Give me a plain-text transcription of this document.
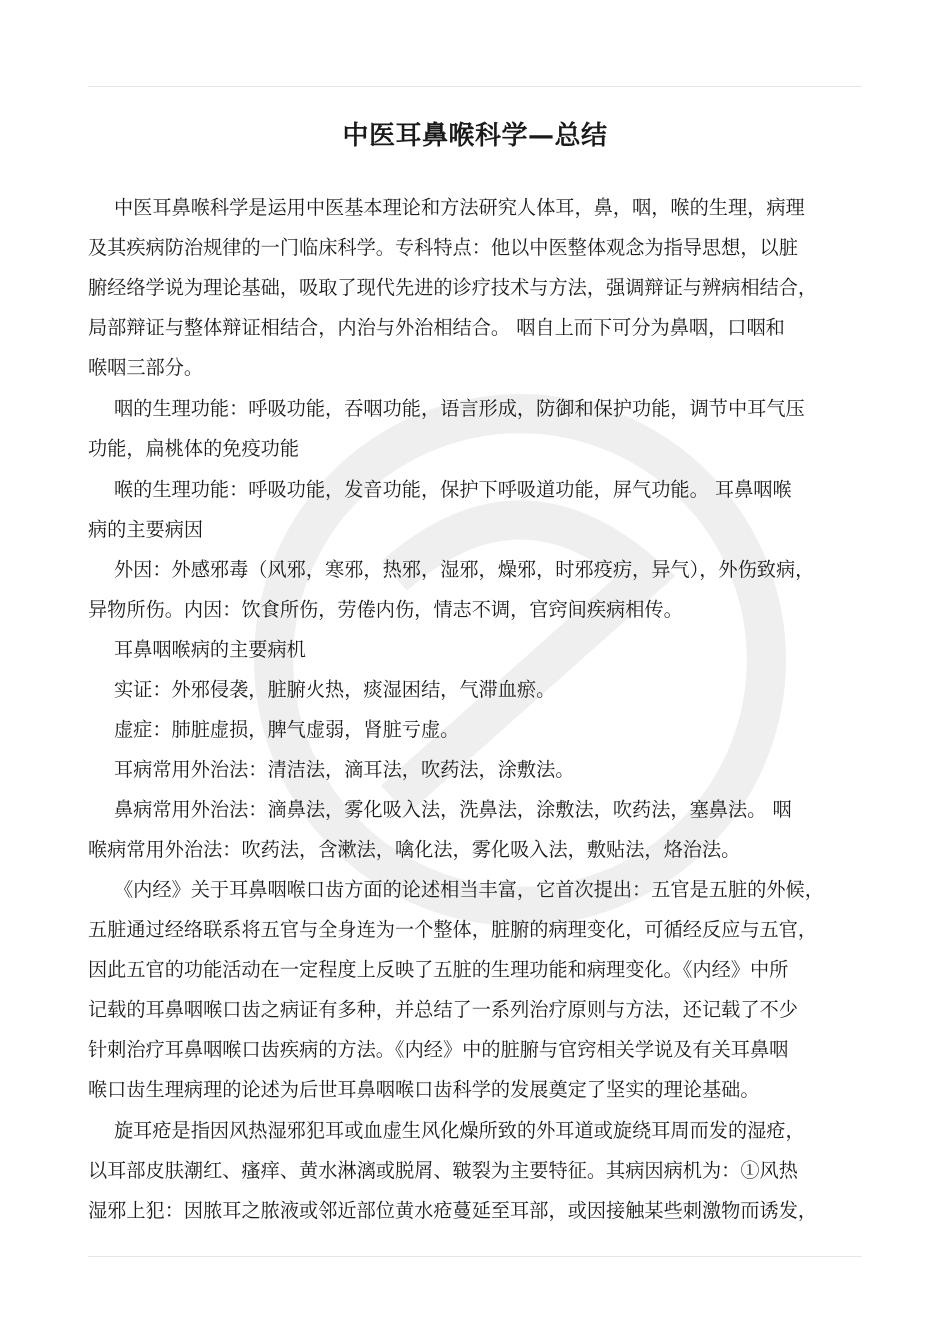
中医耳鼻喉科学—总结
中医耳鼻喉科学是运用中医基本理论和方法研究人体耳，鼻，咽，喉的生理，病理
及其疾病防治规律的一门临床科学。专科特点：他以中医整体观念为指导思想，以脏
腑经络学说为理论基础，吸取了现代先进的诊疗技术与方法，强调辩证与辨病相结合，
局部辩证与整体辩证相结合，内治与外治相结合。 咽自上而下可分为鼻咽，口咽和
喉咽三部分。
咽的生理功能：呼吸功能，吞咽功能，语言形成，防御和保护功能，调节中耳气压
功能，扁桃体的免疫功能
喉的生理功能：呼吸功能，发音功能，保护下呼吸道功能，屏气功能。 耳鼻咽喉
病的主要病因
外因：外感邪毒（风邪，寒邪，热邪，湿邪，燥邪，时邪疫疠，异气），外伤致病，
异物所伤。内因：饮食所伤，劳倦内伤，情志不调，官窍间疾病相传。
耳鼻咽喉病的主要病机
实证：外邪侵袭，脏腑火热，痰湿困结，气滞血瘀。
虚症：肺脏虚损，脾气虚弱，肾脏亏虚。
耳病常用外治法：清洁法，滴耳法，吹药法，涂敷法。
鼻病常用外治法：滴鼻法，雾化吸入法，洗鼻法，涂敷法，吹药法，塞鼻法。 咽
喉病常用外治法：吹药法，含漱法，噙化法，雾化吸入法，敷贴法，烙治法。
《内经》关于耳鼻咽喉口齿方面的论述相当丰富，它首次提出：五官是五脏的外候，
五脏通过经络联系将五官与全身连为一个整体，脏腑的病理变化，可循经反应与五官，
因此五官的功能活动在一定程度上反映了五脏的生理功能和病理变化。《内经》中所
记载的耳鼻咽喉口齿之病证有多种，并总结了一系列治疗原则与方法，还记载了不少
针刺治疗耳鼻咽喉口齿疾病的方法。《内经》中的脏腑与官窍相关学说及有关耳鼻咽
喉口齿生理病理的论述为后世耳鼻咽喉口齿科学的发展奠定了坚实的理论基础。
旋耳疮是指因风热湿邪犯耳或血虚生风化燥所致的外耳道或旋绕耳周而发的湿疮，
以耳部皮肤潮红、瘙痒、黄水淋漓或脱屑、皲裂为主要特征。其病因病机为：①风热
湿邪上犯：因脓耳之脓液或邻近部位黄水疮蔓延至耳部，或因接触某些刺激物而诱发，
